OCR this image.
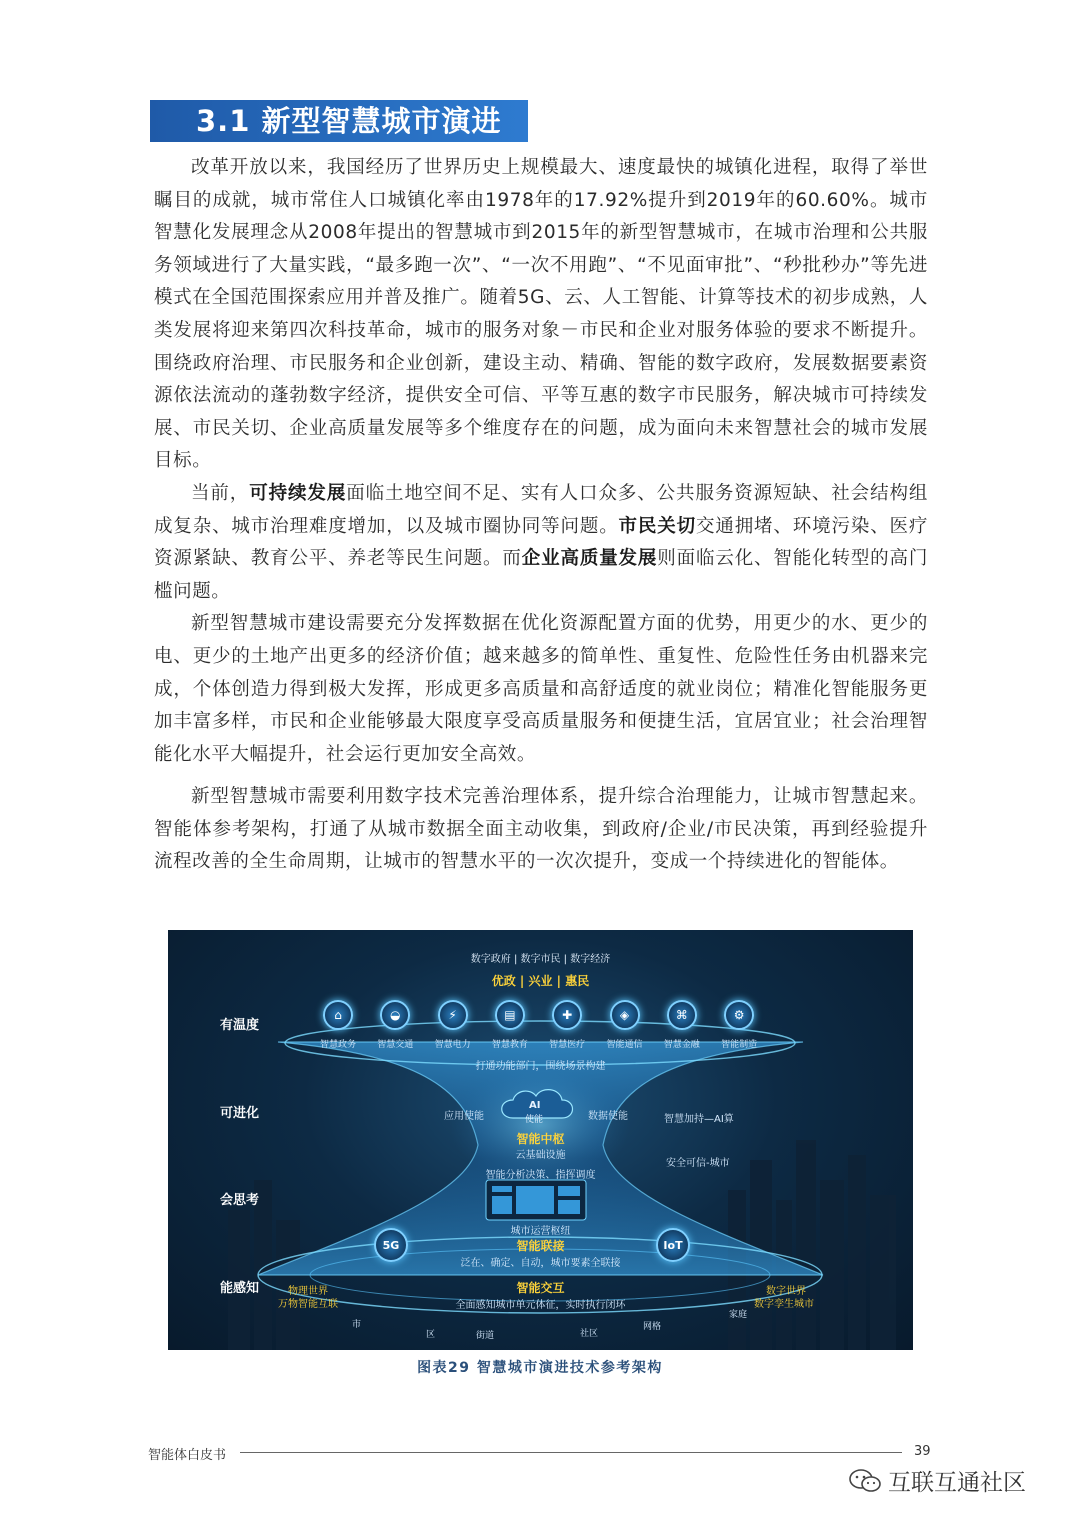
3.1 新型智慧城市演进

改革开放以来，我国经历了世界历史上规模最大、速度最快的城镇化进程，取得了举世瞩目的成就，城市常住人口城镇化率由1978年的17.92%提升到2019年的60.60%。城市智慧化发展理念从2008年提出的智慧城市到2015年的新型智慧城市，在城市治理和公共服务领域进行了大量实践，“最多跑一次”、“一次不用跑”、“不见面审批”、“秒批秒办”等先进模式在全国范围探索应用并普及推广。随着5G、云、人工智能、计算等技术的初步成熟，人类发展将迎来第四次科技革命，城市的服务对象－市民和企业对服务体验的要求不断提升。围绕政府治理、市民服务和企业创新，建设主动、精确、智能的数字政府，发展数据要素资源依法流动的蓬勃数字经济，提供安全可信、平等互惠的数字市民服务，解决城市可持续发展、市民关切、企业高质量发展等多个维度存在的问题，成为面向未来智慧社会的城市发展目标。

当前，可持续发展面临土地空间不足、实有人口众多、公共服务资源短缺、社会结构组成复杂、城市治理难度增加，以及城市圈协同等问题。市民关切交通拥堵、环境污染、医疗资源紧缺、教育公平、养老等民生问题。而企业高质量发展则面临云化、智能化转型的高门槛问题。

新型智慧城市建设需要充分发挥数据在优化资源配置方面的优势，用更少的水、更少的电、更少的土地产出更多的经济价值；越来越多的简单性、重复性、危险性任务由机器来完成，个体创造力得到极大发挥，形成更多高质量和高舒适度的就业岗位；精准化智能服务更加丰富多样，市民和企业能够最大限度享受高质量服务和便捷生活，宜居宜业；社会治理智能化水平大幅提升，社会运行更加安全高效。

新型智慧城市需要利用数字技术完善治理体系，提升综合治理能力，让城市智慧起来。智能体参考架构，打通了从城市数据全面主动收集，到政府/企业/市民决策，再到经验提升流程改善的全生命周期，让城市的智慧水平的一次次提升，变成一个持续进化的智能体。

数字政府 | 数字市民 | 数字经济
优政 | 兴业 | 惠民
有温度
可进化
会思考
能感知
打通功能部门，围绕场景构建
应用使能	数据使能
AI
使能
智能中枢
云基础设施
智慧加持—AI算
安全可信-城市
智能分析决策、指挥调度
城市运营枢纽
智能联接
泛在、确定、自动，城市要素全联接
5G	IoT
智能交互
全面感知城市单元体征，实时执行闭环
物理世界
万物智能互联
数字世界
数字孪生城市
市
区	街道	社区
网格
家庭
⌂
智慧政务
◒
智慧交通
⚡
智慧电力
▤
智慧教育
✚
智慧医疗
◈
智能通信
⌘
智慧金融
⚙
智能制造
图表29 智慧城市演进技术参考架构
智能体白皮书	39
互联互通社区
